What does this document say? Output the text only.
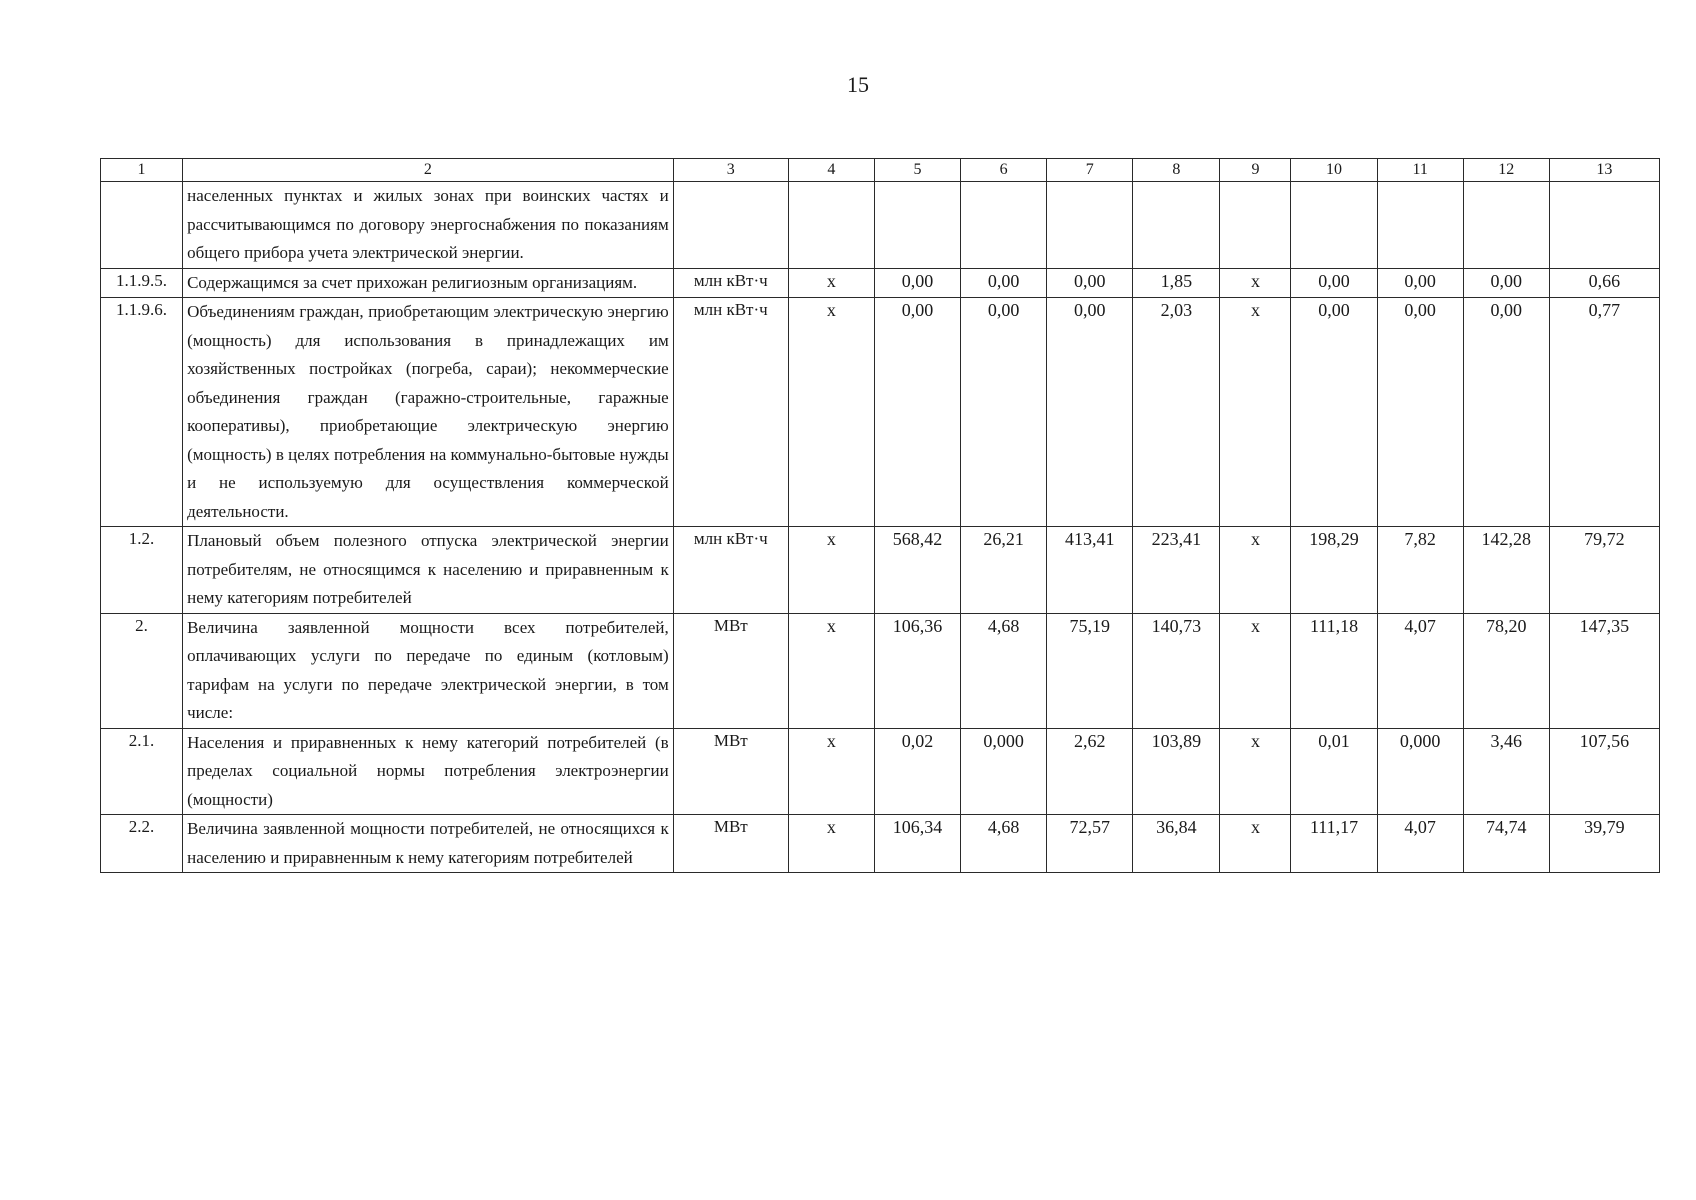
15
1	2	3	4	5	6	7	8	9	10	11	12	13
	населенных пунктах и жилых зонах при воинских частях и рассчитывающимся по договору энергоснабжения по показаниям общего прибора учета электрической энергии.											
1.1.9.5.	Содержащимся за счет прихожан религиозным организациям.	млн кВт·ч	x	0,00	0,00	0,00	1,85	x	0,00	0,00	0,00	0,66
1.1.9.6.	Объединениям граждан, приобретающим электрическую энергию (мощность) для использования в принадлежащих им хозяйственных постройках (погреба, сараи); некоммерческие объединения граждан (гаражно-строительные, гаражные кооперативы), приобретающие электрическую энергию (мощность) в целях потребления на коммунально-бытовые нужды и не используемую для осуществления коммерческой деятельности.	млн кВт·ч	x	0,00	0,00	0,00	2,03	x	0,00	0,00	0,00	0,77
1.2.	Плановый объем полезного отпуска электрической энергии потребителям, не относящимся к населению и приравненным к нему категориям потребителей	млн кВт·ч	x	568,42	26,21	413,41	223,41	x	198,29	7,82	142,28	79,72
2.	Величина заявленной мощности всех потребителей, оплачивающих услуги по передаче по единым (котловым) тарифам на услуги по передаче электрической энергии, в том числе:	МВт	x	106,36	4,68	75,19	140,73	x	111,18	4,07	78,20	147,35
2.1.	Населения и приравненных к нему категорий потребителей (в пределах социальной нормы потребления электроэнергии (мощности)	МВт	x	0,02	0,000	2,62	103,89	x	0,01	0,000	3,46	107,56
2.2.	Величина заявленной мощности потребителей, не относящихся к населению и приравненным к нему категориям потребителей	МВт	x	106,34	4,68	72,57	36,84	x	111,17	4,07	74,74	39,79
